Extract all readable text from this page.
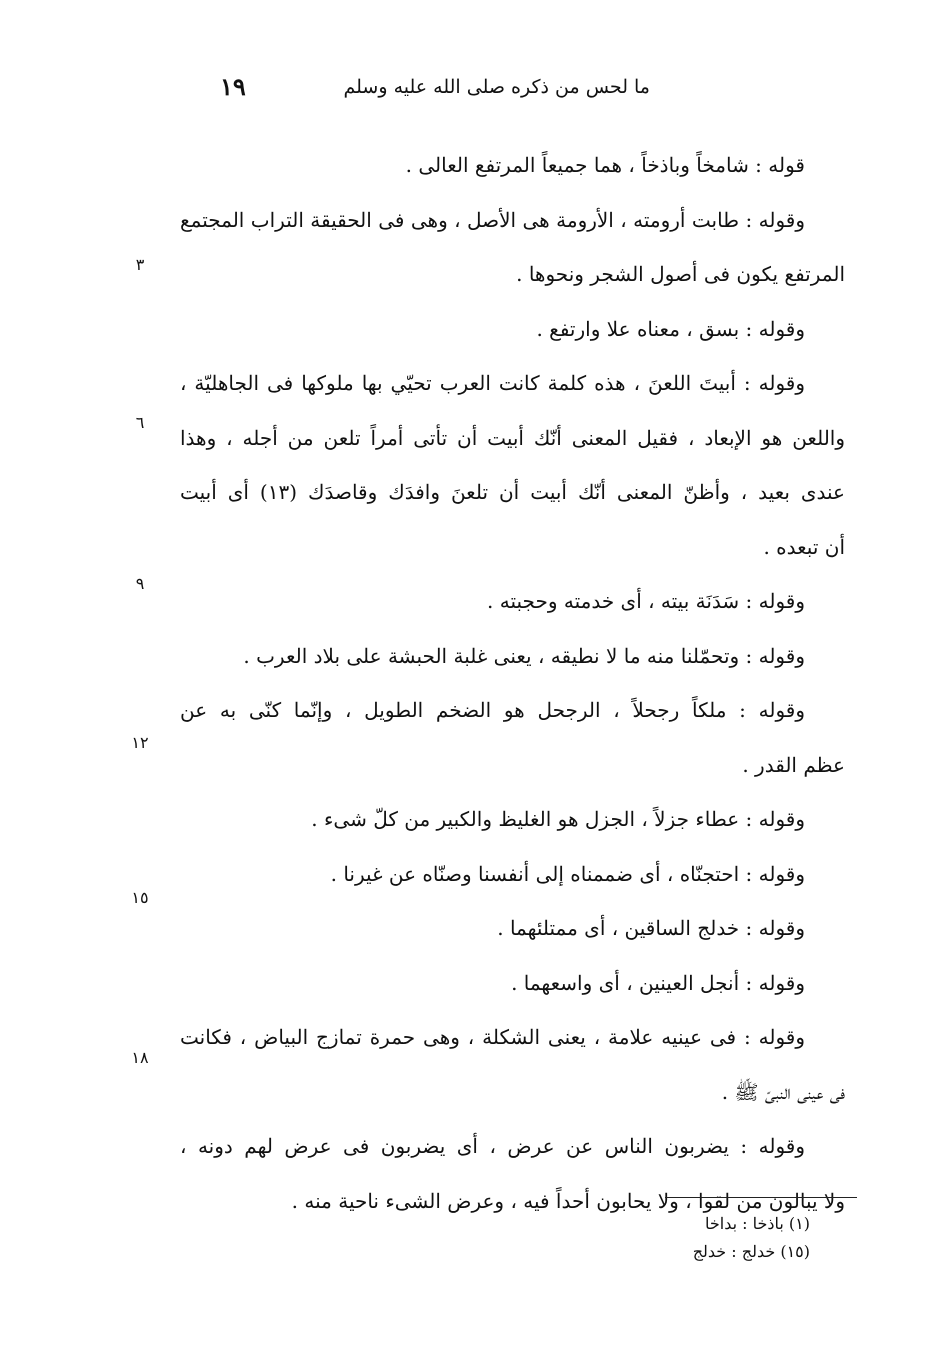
ما لحس من ذكره صلى الله عليه وسلم
١٩
قوله : شامخاً وباذخاً ، هما جميعاً المرتفع العالى .
وقوله : طابت أرومته ، الأرومة هى الأصل ، وهى فى الحقيقة التراب المجتمع
المرتفع يكون فى أصول الشجر ونحوها .
وقوله : بسق ، معناه علا وارتفع .
وقوله : أبيتَ اللعنَ ، هذه كلمة كانت العرب تحيّي بها ملوكها فى الجاهليّة ،
واللعن هو الإبعاد ، فقيل المعنى أنّك أبيت أن تأتى أمراً تلعن من أجله ، وهذا
عندى بعيد ، وأظنّ المعنى أنّك أبيت أن تلعنَ وافدَك وقاصدَك (١٣) أى أبيت
أن تبعده .
وقوله : سَدَنَة بيته ، أى خدمته وحجبته .
وقوله : وتحمّلنا منه ما لا نطيقه ، يعنى غلبة الحبشة على بلاد العرب .
وقوله : ملكاً رجحلاً ، الرجحل هو الضخم الطويل ، وإنّما كنّى به عن
عظم القدر .
وقوله : عطاء جزلاً ، الجزل هو الغليظ والكبير من كلّ شىء .
وقوله : احتجنّاه ، أى ضممناه إلى أنفسنا وصنّاه عن غيرنا .
وقوله : خدلج الساقين ، أى ممتلئهما .
وقوله : أنجل العينين ، أى واسعهما .
وقوله : فى عينيه علامة ، يعنى الشكلة ، وهى حمرة تمازج البياض ، فكانت
فى عينى النبىّ ﷺ .
وقوله : يضربون الناس عن عرض ، أى يضربون فى عرض لهم دونه ،
ولا يبالون من لقوا ، ولا يحابون أحداً فيه ، وعرض الشىء ناحية منه .
٣
٦
٩
١٢
١٥
١٨
(١) باذخا : بداخا
(١٥) خدلج : خدلج
